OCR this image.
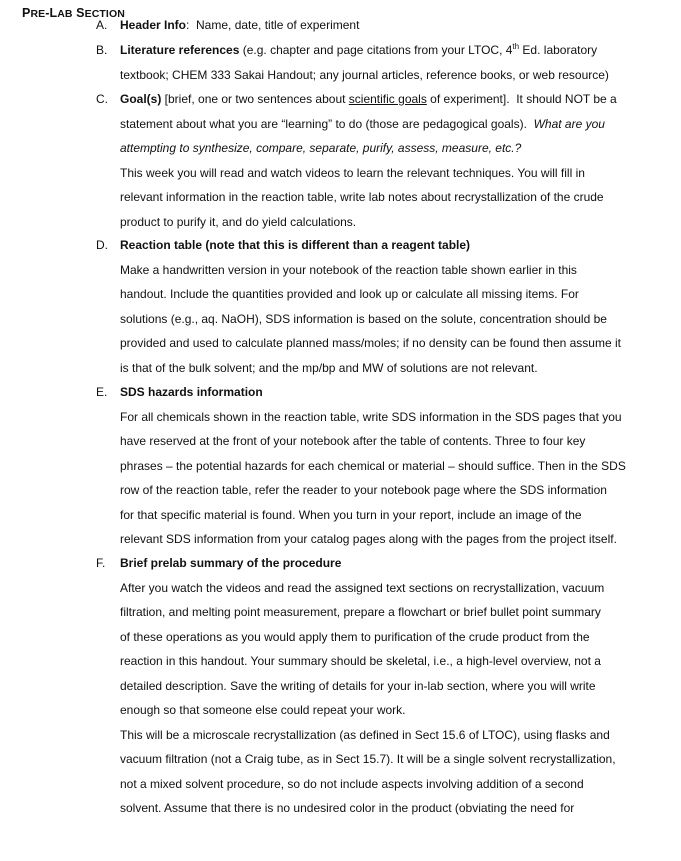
PRE-LAB SECTION
A. Header Info:  Name, date, title of experiment
B. Literature references (e.g. chapter and page citations from your LTOC, 4th Ed. laboratory
textbook; CHEM 333 Sakai Handout; any journal articles, reference books, or web resource)
C. Goal(s) [brief, one or two sentences about scientific goals of experiment].  It should NOT be a
statement about what you are “learning” to do (those are pedagogical goals).  What are you
attempting to synthesize, compare, separate, purify, assess, measure, etc.?
This week you will read and watch videos to learn the relevant techniques. You will fill in
relevant information in the reaction table, write lab notes about recrystallization of the crude
product to purify it, and do yield calculations.
D. Reaction table (note that this is different than a reagent table)
Make a handwritten version in your notebook of the reaction table shown earlier in this
handout. Include the quantities provided and look up or calculate all missing items. For
solutions (e.g., aq. NaOH), SDS information is based on the solute, concentration should be
provided and used to calculate planned mass/moles; if no density can be found then assume it
is that of the bulk solvent; and the mp/bp and MW of solutions are not relevant.
E. SDS hazards information
For all chemicals shown in the reaction table, write SDS information in the SDS pages that you
have reserved at the front of your notebook after the table of contents. Three to four key
phrases – the potential hazards for each chemical or material – should suffice. Then in the SDS
row of the reaction table, refer the reader to your notebook page where the SDS information
for that specific material is found. When you turn in your report, include an image of the
relevant SDS information from your catalog pages along with the pages from the project itself.
F. Brief prelab summary of the procedure
After you watch the videos and read the assigned text sections on recrystallization, vacuum
filtration, and melting point measurement, prepare a flowchart or brief bullet point summary
of these operations as you would apply them to purification of the crude product from the
reaction in this handout. Your summary should be skeletal, i.e., a high-level overview, not a
detailed description. Save the writing of details for your in-lab section, where you will write
enough so that someone else could repeat your work.
This will be a microscale recrystallization (as defined in Sect 15.6 of LTOC), using flasks and
vacuum filtration (not a Craig tube, as in Sect 15.7). It will be a single solvent recrystallization,
not a mixed solvent procedure, so do not include aspects involving addition of a second
solvent. Assume that there is no undesired color in the product (obviating the need for
